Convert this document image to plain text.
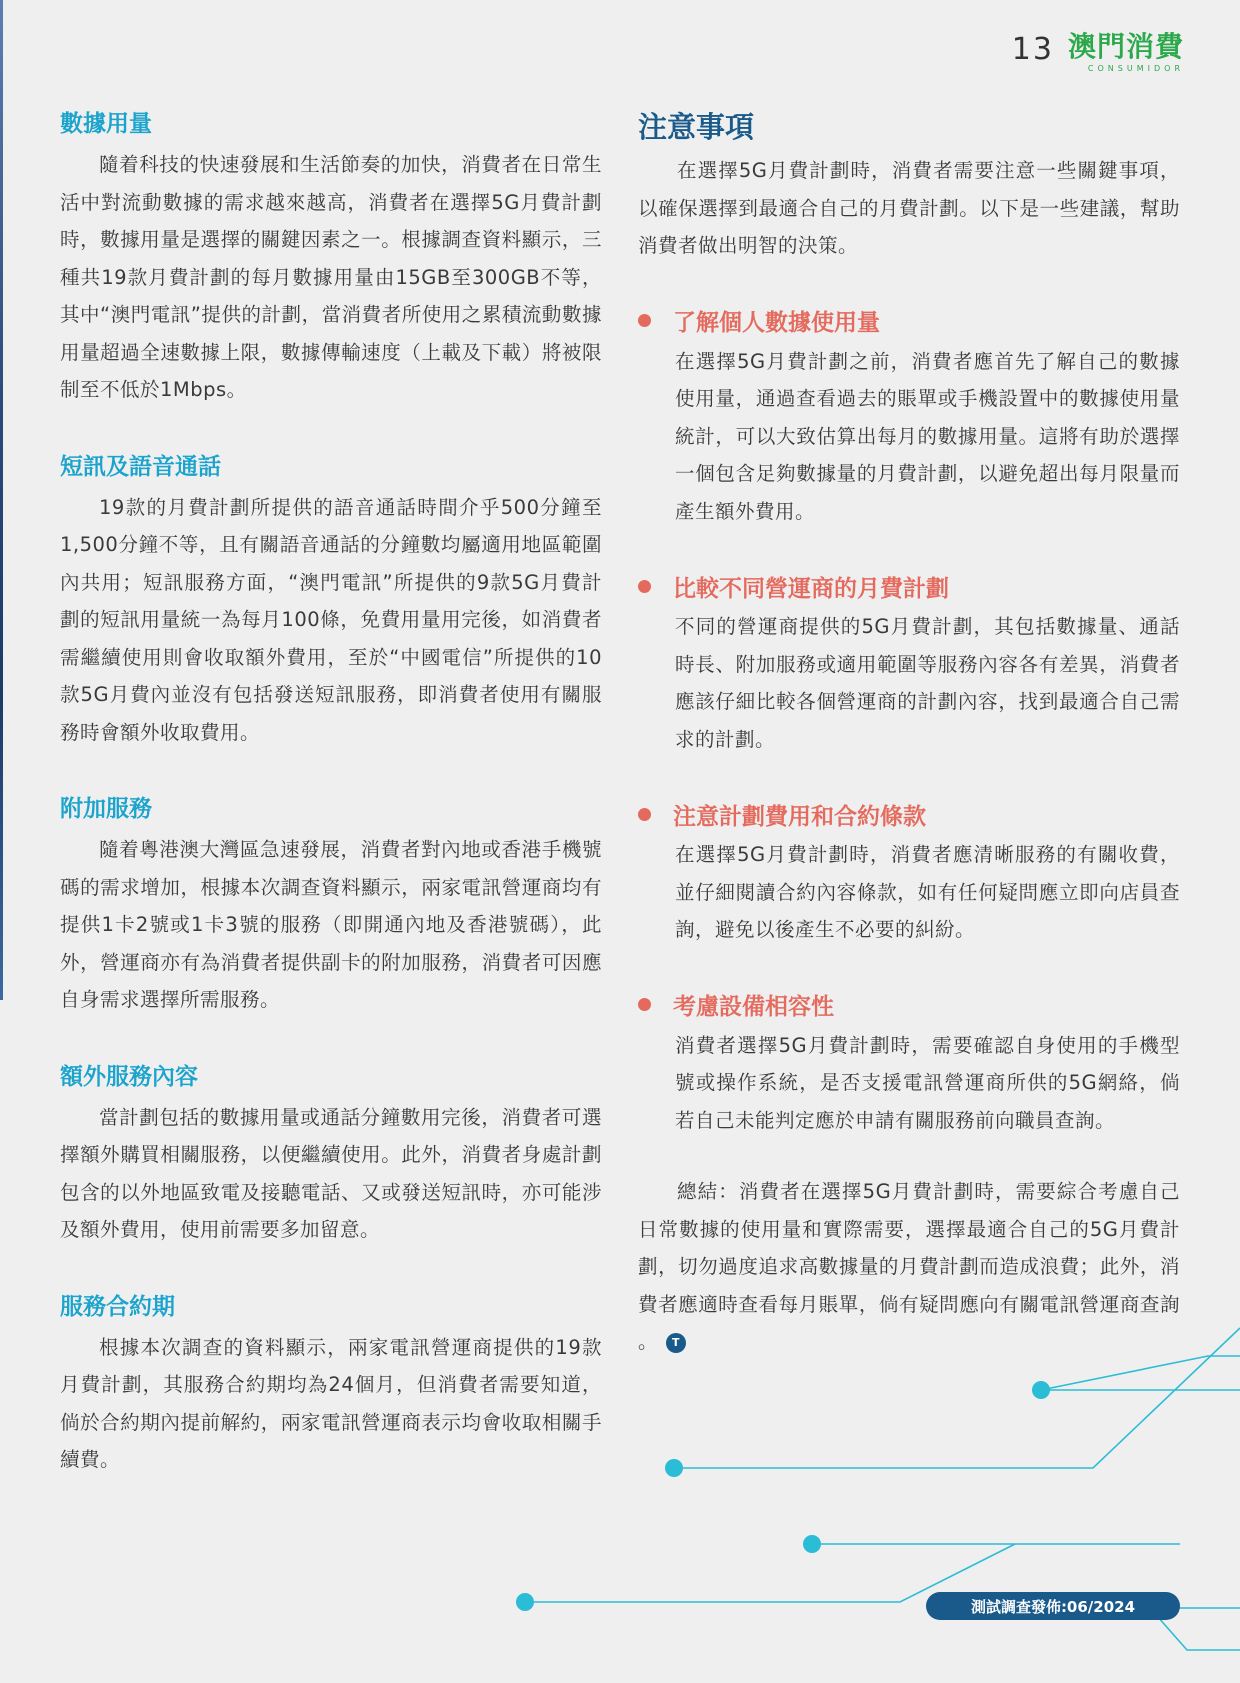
13 澳門消費
CONSUMIDOR
數據用量

隨着科技的快速發展和生活節奏的加快，消費者在日常生活中對流動數據的需求越來越高，消費者在選擇5G月費計劃時，數據用量是選擇的關鍵因素之一。根據調查資料顯示，三種共19款月費計劃的每月數據用量由15GB至300GB不等，其中“澳門電訊”提供的計劃，當消費者所使用之累積流動數據用量超過全速數據上限，數據傳輸速度（上載及下載）將被限制至不低於1Mbps。

短訊及語音通話

19款的月費計劃所提供的語音通話時間介乎500分鐘至1,500分鐘不等，且有關語音通話的分鐘數均屬適用地區範圍內共用；短訊服務方面，“澳門電訊”所提供的9款5G月費計劃的短訊用量統一為每月100條，免費用量用完後，如消費者需繼續使用則會收取額外費用，至於“中國電信”所提供的10款5G月費內並沒有包括發送短訊服務，即消費者使用有關服務時會額外收取費用。

附加服務

隨着粵港澳大灣區急速發展，消費者對內地或香港手機號碼的需求增加，根據本次調查資料顯示，兩家電訊營運商均有提供1卡2號或1卡3號的服務（即開通內地及香港號碼），此外，營運商亦有為消費者提供副卡的附加服務，消費者可因應自身需求選擇所需服務。

額外服務內容

當計劃包括的數據用量或通話分鐘數用完後，消費者可選擇額外購買相關服務，以便繼續使用。此外，消費者身處計劃包含的以外地區致電及接聽電話、又或發送短訊時，亦可能涉及額外費用，使用前需要多加留意。

服務合約期

根據本次調查的資料顯示，兩家電訊營運商提供的19款月費計劃，其服務合約期均為24個月，但消費者需要知道，倘於合約期內提前解約，兩家電訊營運商表示均會收取相關手續費。

注意事項

在選擇5G月費計劃時，消費者需要注意一些關鍵事項，以確保選擇到最適合自己的月費計劃。以下是一些建議，幫助消費者做出明智的決策。

了解個人數據使用量

在選擇5G月費計劃之前，消費者應首先了解自己的數據使用量，通過查看過去的賬單或手機設置中的數據使用量統計，可以大致估算出每月的數據用量。這將有助於選擇一個包含足夠數據量的月費計劃，以避免超出每月限量而產生額外費用。

比較不同營運商的月費計劃

不同的營運商提供的5G月費計劃，其包括數據量、通話時長、附加服務或適用範圍等服務內容各有差異，消費者應該仔細比較各個營運商的計劃內容，找到最適合自己需求的計劃。

注意計劃費用和合約條款

在選擇5G月費計劃時，消費者應清晰服務的有關收費，並仔細閱讀合約內容條款，如有任何疑問應立即向店員查詢，避免以後產生不必要的糾紛。

考慮設備相容性

消費者選擇5G月費計劃時，需要確認自身使用的手機型號或操作系統，是否支援電訊營運商所供的5G網絡，倘若自己未能判定應於申請有關服務前向職員查詢。

總結：消費者在選擇5G月費計劃時，需要綜合考慮自己日常數據的使用量和實際需要，選擇最適合自己的5G月費計劃，切勿過度追求高數據量的月費計劃而造成浪費；此外，消費者應適時查看每月賬單，倘有疑問應向有關電訊營運商查詢 。 T

測試調查發佈:06/2024
